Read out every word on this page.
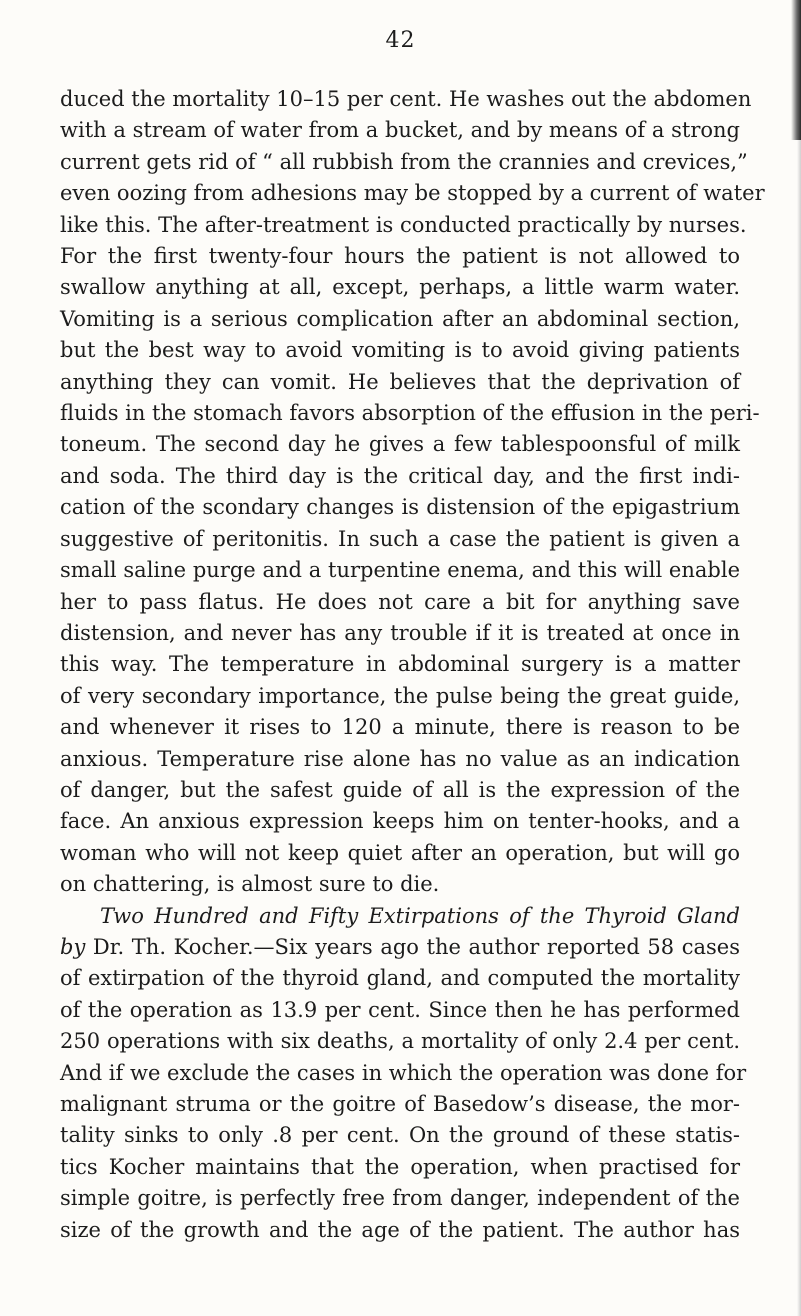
42
duced the mortality 10–15 per cent. He washes out the abdomen
with a stream of water from a bucket, and by means of a strong
current gets rid of “ all rubbish from the crannies and crevices,”
even oozing from adhesions may be stopped by a current of water
like this. The after-treatment is conducted practically by nurses.
For the first twenty-four hours the patient is not allowed to
swallow anything at all, except, perhaps, a little warm water.
Vomiting is a serious complication after an abdominal section,
but the best way to avoid vomiting is to avoid giving patients
anything they can vomit. He believes that the deprivation of
fluids in the stomach favors absorption of the effusion in the peri-
toneum. The second day he gives a few tablespoonsful of milk
and soda. The third day is the critical day, and the first indi-
cation of the scondary changes is distension of the epigastrium
suggestive of peritonitis. In such a case the patient is given a
small saline purge and a turpentine enema, and this will enable
her to pass flatus. He does not care a bit for anything save
distension, and never has any trouble if it is treated at once in
this way. The temperature in abdominal surgery is a matter
of very secondary importance, the pulse being the great guide,
and whenever it rises to 120 a minute, there is reason to be
anxious. Temperature rise alone has no value as an indication
of danger, but the safest guide of all is the expression of the
face. An anxious expression keeps him on tenter-hooks, and a
woman who will not keep quiet after an operation, but will go
on chattering, is almost sure to die.
Two Hundred and Fifty Extirpations of the Thyroid Gland
by Dr. Th. Kocher.—Six years ago the author reported 58 cases
of extirpation of the thyroid gland, and computed the mortality
of the operation as 13.9 per cent. Since then he has performed
250 operations with six deaths, a mortality of only 2.4 per cent.
And if we exclude the cases in which the operation was done for
malignant struma or the goitre of Basedow’s disease, the mor-
tality sinks to only .8 per cent. On the ground of these statis-
tics Kocher maintains that the operation, when practised for
simple goitre, is perfectly free from danger, independent of the
size of the growth and the age of the patient. The author has
